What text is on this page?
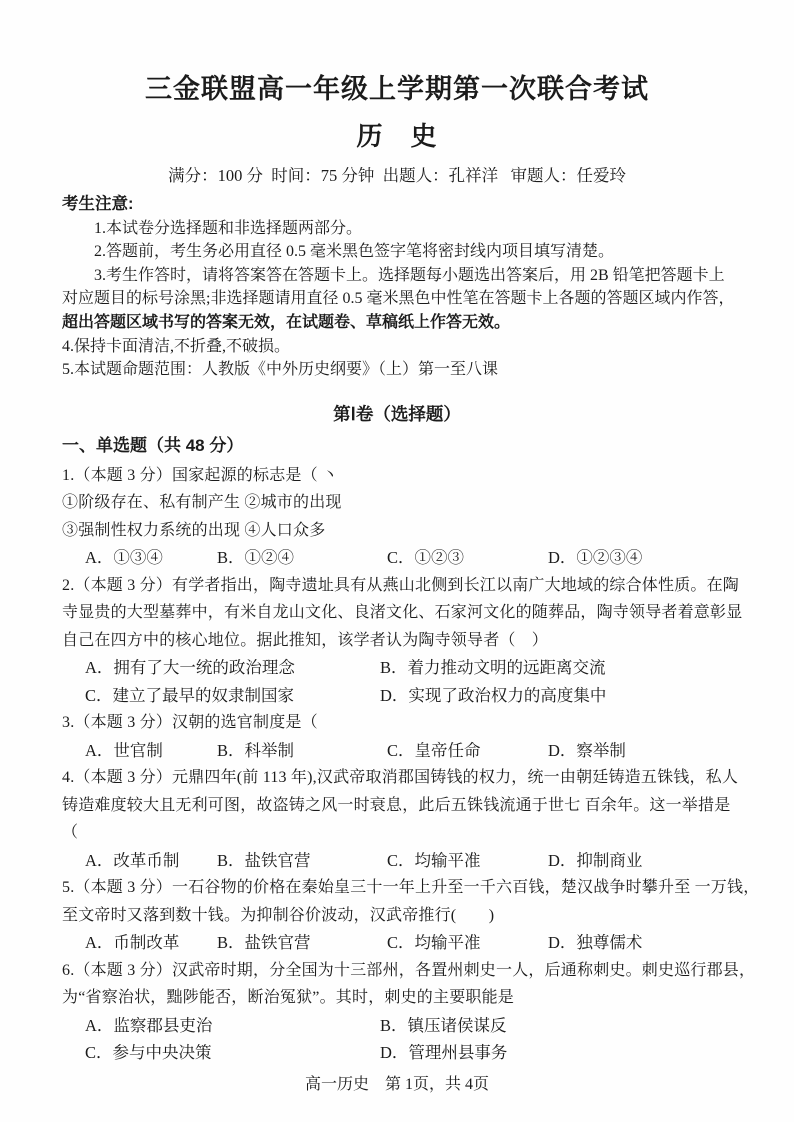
三金联盟高一年级上学期第一次联合考试
历　史
满分：100 分  时间：75 分钟  出题人：孔祥洋   审题人：任爱玲
考生注意:
1.本试卷分选择题和非选择题两部分。
2.答题前，考生务必用直径 0.5 毫米黑色签字笔将密封线内项目填写清楚。
3.考生作答时，请将答案答在答题卡上。选择题每小题选出答案后，用 2B 铅笔把答题卡上
对应题目的标号涂黑;非选择题请用直径 0.5 毫米黑色中性笔在答题卡上各题的答题区域内作答，
超出答题区域书写的答案无效，在试题卷、草稿纸上作答无效。
4.保持卡面清洁,不折叠,不破损。
5.本试题命题范围：人教版《中外历史纲要》（上）第一至八课
第Ⅰ卷（选择题）
一、单选题（共 48 分）
1.（本题 3 分）国家起源的标志是（ 丶
①阶级存在、私有制产生 ②城市的出现
③强制性权力系统的出现 ④人口众多
A．①③④	B．①②④	C．①②③	D．①②③④
2.（本题 3 分）有学者指出，陶寺遗址具有从燕山北侧到长江以南广大地域的综合体性质。在陶
寺显贵的大型墓葬中，有米自龙山文化、良渚文化、石家河文化的随葬品，陶寺领导者着意彰显
自己在四方中的核心地位。据此推知，该学者认为陶寺领导者（　）
A．拥有了大一统的政治理念	B．着力推动文明的远距离交流
C．建立了最早的奴隶制国家	D．实现了政治权力的高度集中
3.（本题 3 分）汉朝的选官制度是（
A．世官制	B．科举制	C．皇帝任命	D．察举制
4.（本题 3 分）元鼎四年(前 113 年),汉武帝取消郡国铸钱的权力，统一由朝廷铸造五铢钱，私人
铸造难度较大且无利可图，故盗铸之风一时衰息，此后五铢钱流通于世七 百余年。这一举措是
（
A．改革币制	B．盐铁官营	C．均输平准	D．抑制商业
5.（本题 3 分）一石谷物的价格在秦始皇三十一年上升至一千六百钱，楚汉战争时攀升至 一万钱，
至文帝时又落到数十钱。为抑制谷价波动，汉武帝推行(　　)
A．币制改革	B．盐铁官营	C．均输平准	D．独尊儒术
6.（本题 3 分）汉武帝时期，分全国为十三部州，各置州刺史一人，后通称刺史。刺史巡行郡县，
为“省察治状，黜陟能否，断治冤狱”。其时，刺史的主要职能是
A．监察郡县吏治	B．镇压诸侯谋反
C．参与中央决策	D．管理州县事务
高一历史    第 1页，共 4页
